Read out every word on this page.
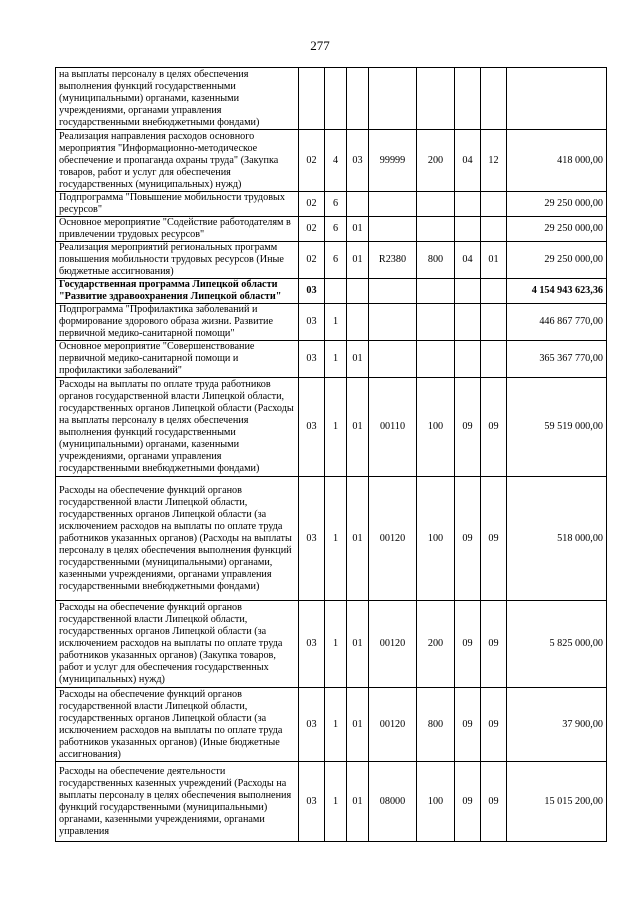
277
на выплаты персоналу в целях обеспечения выполнения функций государственными (муниципальными) органами, казенными учреждениями, органами управления государственными внебюджетными фондами)								
Реализация направления расходов основного мероприятия "Информационно-методическое обеспечение и пропаганда охраны труда" (Закупка товаров, работ и услуг для обеспечения государственных (муниципальных) нужд)	02	4	03	99999	200	04	12	418 000,00
Подпрограмма "Повышение мобильности трудовых ресурсов"	02	6						29 250 000,00
Основное мероприятие "Содействие работодателям в привлечении трудовых ресурсов"	02	6	01					29 250 000,00
Реализация мероприятий региональных программ повышения мобильности трудовых ресурсов (Иные бюджетные ассигнования)	02	6	01	R2380	800	04	01	29 250 000,00
Государственная программа Липецкой области "Развитие здравоохранения Липецкой области"	03							4 154 943 623,36
Подпрограмма "Профилактика заболеваний и формирование здорового образа жизни. Развитие первичной медико-санитарной помощи"	03	1						446 867 770,00
Основное мероприятие "Совершенствование первичной медико-санитарной помощи и профилактики заболеваний"	03	1	01					365 367 770,00
Расходы на выплаты по оплате труда работников органов государственной власти Липецкой области, государственных органов Липецкой области (Расходы на выплаты персоналу в целях обеспечения выполнения функций государственными (муниципальными) органами, казенными учреждениями, органами управления государственными внебюджетными фондами)	03	1	01	00110	100	09	09	59 519 000,00
Расходы на обеспечение функций органов государственной власти Липецкой области, государственных органов Липецкой области (за исключением расходов на выплаты по оплате труда работников указанных органов) (Расходы на выплаты персоналу в целях обеспечения выполнения функций государственными (муниципальными) органами, казенными учреждениями, органами управления государственными внебюджетными фондами)	03	1	01	00120	100	09	09	518 000,00
Расходы на обеспечение функций органов государственной власти Липецкой области, государственных органов Липецкой области (за исключением расходов на выплаты по оплате труда работников указанных органов) (Закупка товаров, работ и услуг для обеспечения государственных (муниципальных) нужд)	03	1	01	00120	200	09	09	5 825 000,00
Расходы на обеспечение функций органов государственной власти Липецкой области, государственных органов Липецкой области (за исключением расходов на выплаты по оплате труда работников указанных органов) (Иные бюджетные ассигнования)	03	1	01	00120	800	09	09	37 900,00
Расходы на обеспечение деятельности государственных казенных учреждений (Расходы на выплаты персоналу в целях обеспечения выполнения функций государственными (муниципальными) органами, казенными учреждениями, органами управления	03	1	01	08000	100	09	09	15 015 200,00
